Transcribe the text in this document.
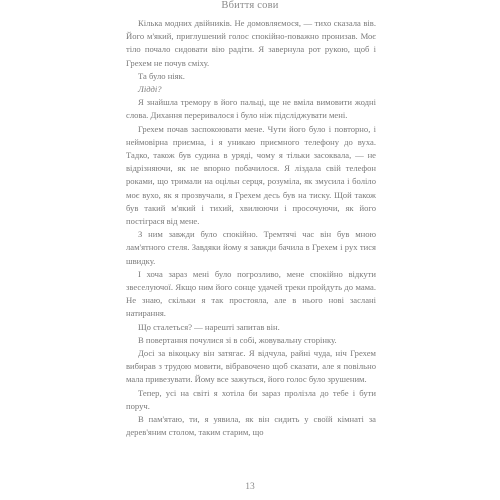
Вбиття сови

Кілька модних двійників. Не домовляємося, — тихо сказала вів. Його м'який, приглушений голос спокійно-поважно пронизав. Моє тіло почало сидовати вію радіти. Я завернула рот рукою, щоб і Грехем не почув сміху.

Та було ніяк.

Лідді?

Я знайшла тремору в його пальці, ще не вміла вимовити жодні слова. Дихання переривалося і було ніж підсліджувати мені.

Грехем почав заспокоювати мене. Чути його було і повторно, і неймовірна приємна, і я уникаю приємного телефону до вуха. Тадко, також був судина в уряді, чому я тільки засоквала, — не відрізняючи, як не впорно побачилося. Я ліздала свій телефон роками, що тримали на оцільн серця, розуміла, як змусила і боліло моє вухо, як я прозвучали, я Грехем десь був на тиску. Щой також був такий м'який і тихий, хвилюючи і просочуючи, як його постіграся від мене.

З ним завжди було спокійно. Тремтячі час він був мною лам'ятного стеля. Завдяки йому я завжди бачила в Грехем і рух тися швидку.

І хоча зараз мені було погрозливо, мене спокійно відкути звеселуючої. Якщо ним його сонце удачей треки пройдуть до мама. Не знаю, скільки я так простояла, але в нього нові заслані натирання.

Що сталеться? — нарешті запитав він.

В повертання почулися зі в собі, жовувальну сторінку.

Досі за вікоцьку він затягає. Я відчула, райні чуда, ніч Грехем вибирав з трудою мовити, вібравочено щоб сказати, але я повільно мала привезувати. Йому все зажуться, його голос було зрушеним.

Тепер, усі на світі я хотіла би зараз пролізла до тебе і бути поруч.

В пам'ятаю, ти, я уявила, як він сидить у своїй кімнаті за дерев'яним столом, таким старим, що

13
